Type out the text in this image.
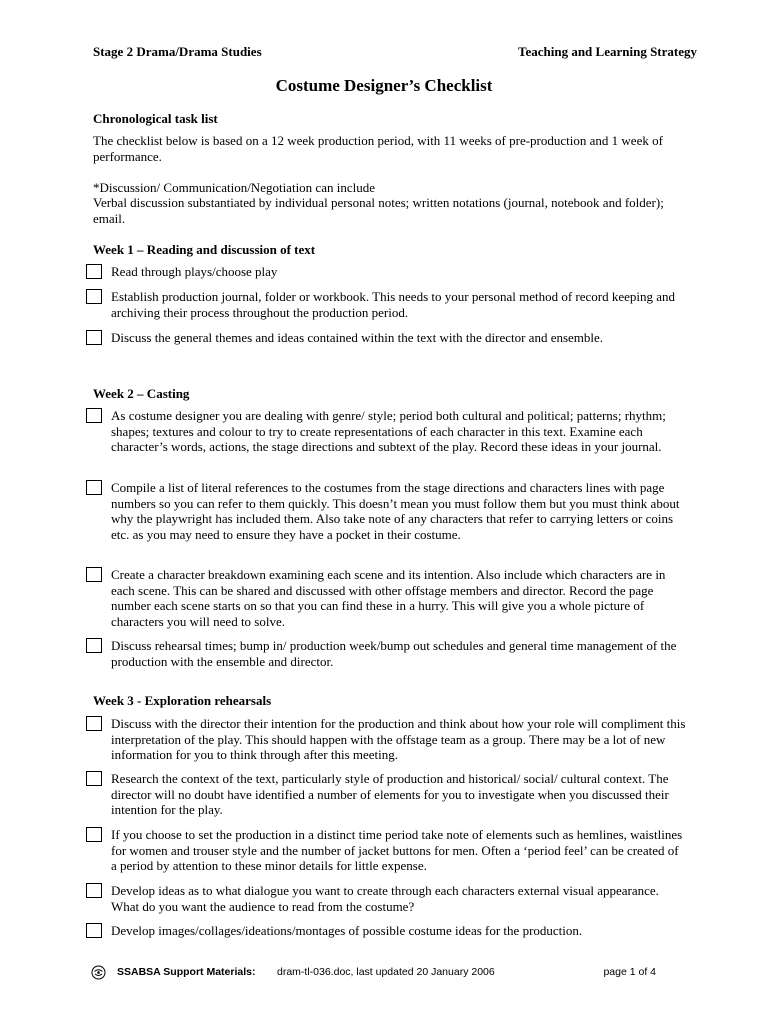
Stage 2 Drama/Drama Studies	Teaching and Learning Strategy
Costume Designer’s Checklist
Chronological task list
The checklist below is based on a 12 week production period, with 11 weeks of pre-production and 1 week of performance.
*Discussion/ Communication/Negotiation can include
Verbal discussion substantiated by individual personal notes; written notations (journal, notebook and folder); email.
Week 1 – Reading and discussion of text
Read through plays/choose play
Establish production journal, folder or workbook. This needs to your personal method of record keeping and archiving their process throughout the production period.
Discuss the general themes and ideas contained within the text with the director and ensemble.
Week 2 – Casting
As costume designer you are dealing with genre/ style; period both cultural and political; patterns; rhythm; shapes; textures and colour to try to create representations of each character in this text. Examine each character’s words, actions, the stage directions and subtext of the play. Record these ideas in your journal.
Compile a list of literal references to the costumes from the stage directions and characters lines with page numbers so you can refer to them quickly. This doesn’t mean you must follow them but you must think about why the playwright has included them. Also take note of any characters that refer to carrying letters or coins etc. as you may need to ensure they have a pocket in their costume.
Create a character breakdown examining each scene and its intention. Also include which characters are in each scene. This can be shared and discussed with other offstage members and director. Record the page number each scene starts on so that you can find these in a hurry. This will give you a whole picture of characters you will need to solve.
Discuss rehearsal times; bump in/ production week/bump out schedules and general time management of the production with the ensemble and director.
Week 3 - Exploration rehearsals
Discuss with the director their intention for the production and think about how your role will compliment this interpretation of the play. This should happen with the offstage team as a group. There may be a lot of new information for you to think through after this meeting.
Research the context of the text, particularly style of production and historical/ social/ cultural context. The director will no doubt have identified a number of elements for you to investigate when you discussed their intention for the play.
If you choose to set the production in a distinct time period take note of elements such as hemlines, waistlines for women and trouser style and the number of jacket buttons for men. Often a ‘period feel’ can be created of a period by attention to these minor details for little expense.
Develop ideas as to what dialogue you want to create through each characters external visual appearance. What do you want the audience to read from the costume?
Develop images/collages/ideations/montages of possible costume ideas for the production.
SSABSA Support Materials: dram-tl-036.doc, last updated 20 January 2006	page 1 of 4
